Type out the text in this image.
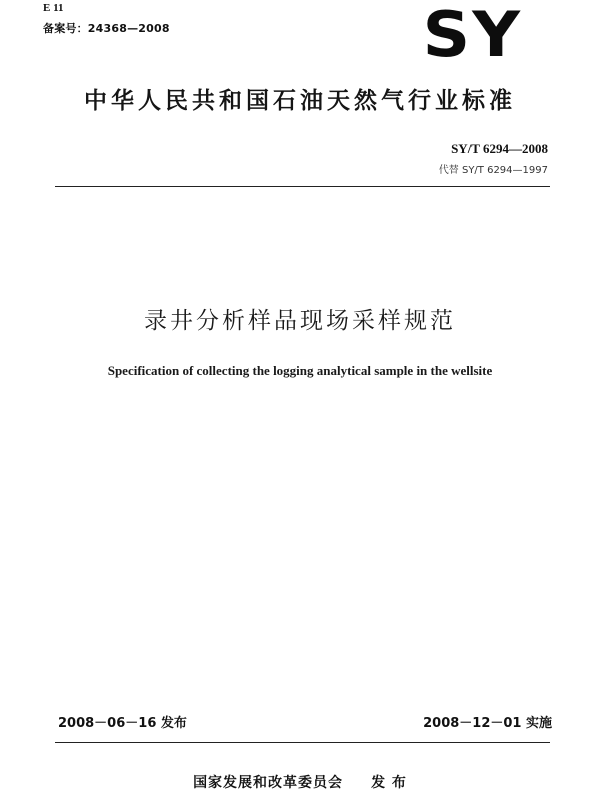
E 11
备案号：24368—2008	SY
中华人民共和国石油天然气行业标准
SY/T 6294—2008
代替 SY/T 6294—1997
录井分析样品现场采样规范
Specification of collecting the logging analytical sample in the wellsite
2008－06－16 发布	2008－12－01 实施
国家发展和改革委员会 发 布
